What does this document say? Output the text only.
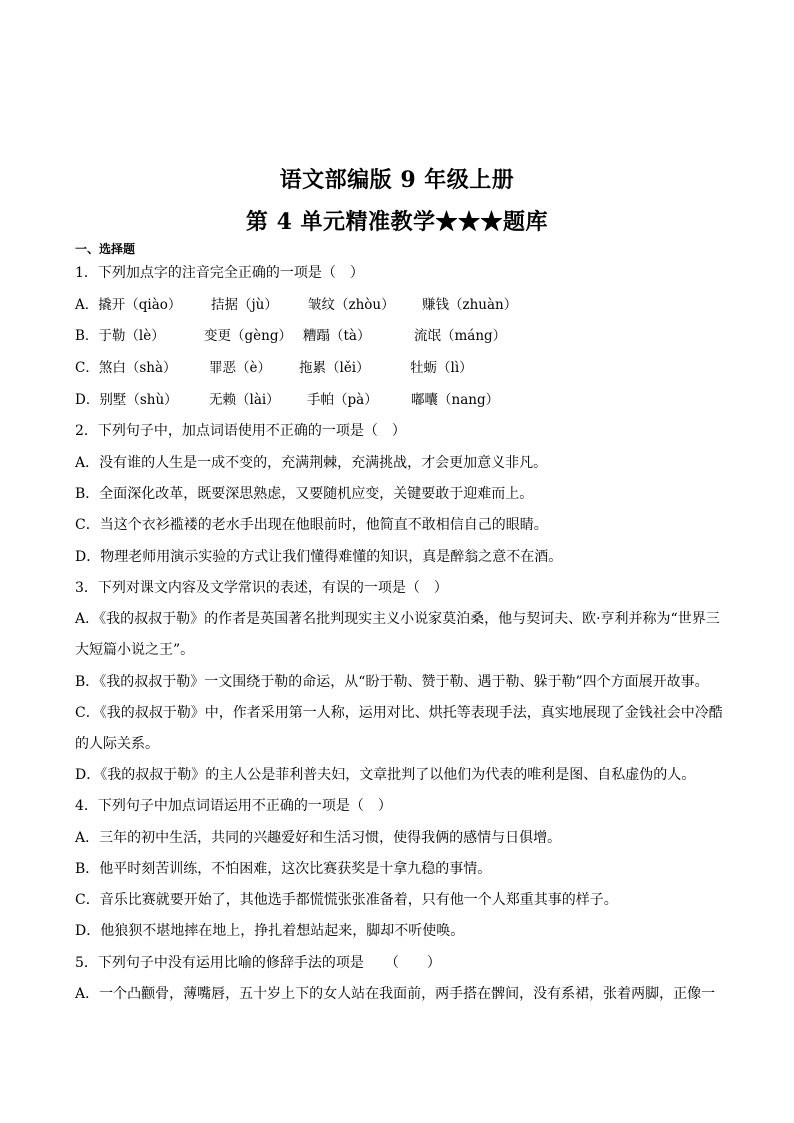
语文部编版 9 年级上册
第 4 单元精准教学★★★题库
一、选择题
1．下列加点字的注音完全正确的一项是（　）
A．撬开（qiào） 拮据（jù） 皱纹（zhòu） 赚钱（zhuàn）
B．于勒（lè）	变更（gèng） 糟蹋（tà）	流氓（máng）
C．煞白（shà） 罪恶（è） 拖累（lěi）	牡蛎（lì）
D．别墅（shù） 无赖（lài） 手帕（pà） 嘟囔（nang）
2．下列句子中，加点词语使用不正确的一项是（　）
A．没有谁的人生是一成不变的，充满荆棘，充满挑战，才会更加意义非凡。
B．全面深化改革，既要深思熟虑，又要随机应变，关键要敢于迎难而上。
C．当这个衣衫褴褛的老水手出现在他眼前时，他简直不敢相信自己的眼睛。
D．物理老师用演示实验的方式让我们懂得难懂的知识，真是醉翁之意不在酒。
3．下列对课文内容及文学常识的表述，有误的一项是（　）
A．《我的叔叔于勒》的作者是英国著名批判现实主义小说家莫泊桑，他与契诃夫、欧·亨利并称为“世界三
大短篇小说之王”。
B．《我的叔叔于勒》一文围绕于勒的命运，从“盼于勒、赞于勒、遇于勒、躲于勒”四个方面展开故事。
C．《我的叔叔于勒》中，作者采用第一人称，运用对比、烘托等表现手法，真实地展现了金钱社会中冷酷
的人际关系。
D．《我的叔叔于勒》的主人公是菲利普夫妇，文章批判了以他们为代表的唯利是图、自私虚伪的人。
4．下列句子中加点词语运用不正确的一项是（　）
A．三年的初中生活，共同的兴趣爱好和生活习惯，使得我俩的感情与日俱增。
B．他平时刻苦训练，不怕困难，这次比赛获奖是十拿九稳的事情。
C．音乐比赛就要开始了，其他选手都慌慌张张准备着，只有他一个人郑重其事的样子。
D．他狼狈不堪地摔在地上，挣扎着想站起来，脚却不听使唤。
5．下列句子中没有运用比喻的修辞手法的项是　　（　　）
A．一个凸颧骨，薄嘴唇，五十岁上下的女人站在我面前，两手搭在髀间，没有系裙，张着两脚，正像一
